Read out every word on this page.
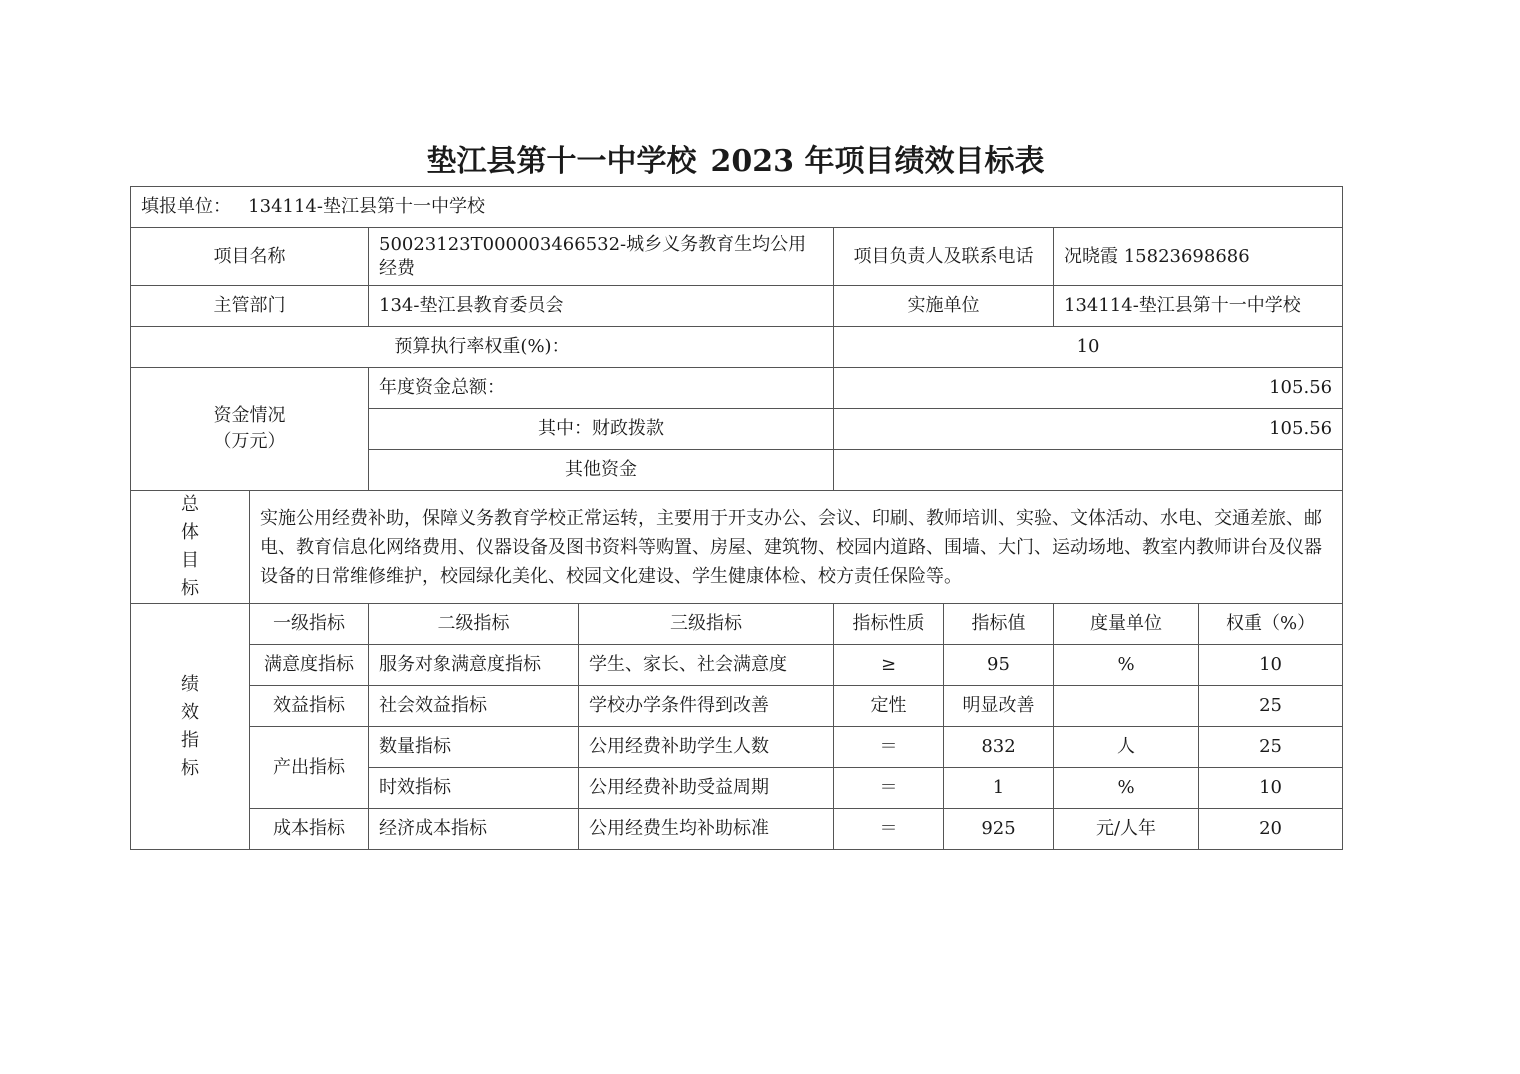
垫江县第十一中学校 2023 年项目绩效目标表
填报单位： 134114-垫江县第十一中学校							
项目名称		50023123T000003466532-城乡义务教育生均公用经费		项目负责人及联系电话		况晓霞 15823698686	
主管部门		134-垫江县教育委员会		实施单位		134114-垫江县第十一中学校	
预算执行率权重(%)：				10			

资金情况
（万元）		年度资金总额：		105.56			
		其中：财政拨款		105.56			
		其他资金					

总
体
目
标	实施公用经费补助，保障义务教育学校正常运转，主要用于开支办公、会议、印刷、教师培训、实验、文体活动、水电、交通差旅、邮电、教育信息化网络费用、仪器设备及图书资料等购置、房屋、建筑物、校园内道路、围墙、大门、运动场地、教室内教师讲台及仪器设备的日常维修维护，校园绿化美化、校园文化建设、学生健康体检、校方责任保险等。						

绩
效
指
标	一级指标	二级指标	三级指标	指标性质	指标值	度量单位	权重（%）
	满意度指标	服务对象满意度指标	学生、家长、社会满意度	≥	95	%	10
	效益指标	社会效益指标	学校办学条件得到改善	定性	明显改善		25
	产出指标	数量指标	公用经费补助学生人数	＝	832	人	25
		时效指标	公用经费补助受益周期	＝	1	%	10
	成本指标	经济成本指标	公用经费生均补助标准	＝	925	元/人年	20
